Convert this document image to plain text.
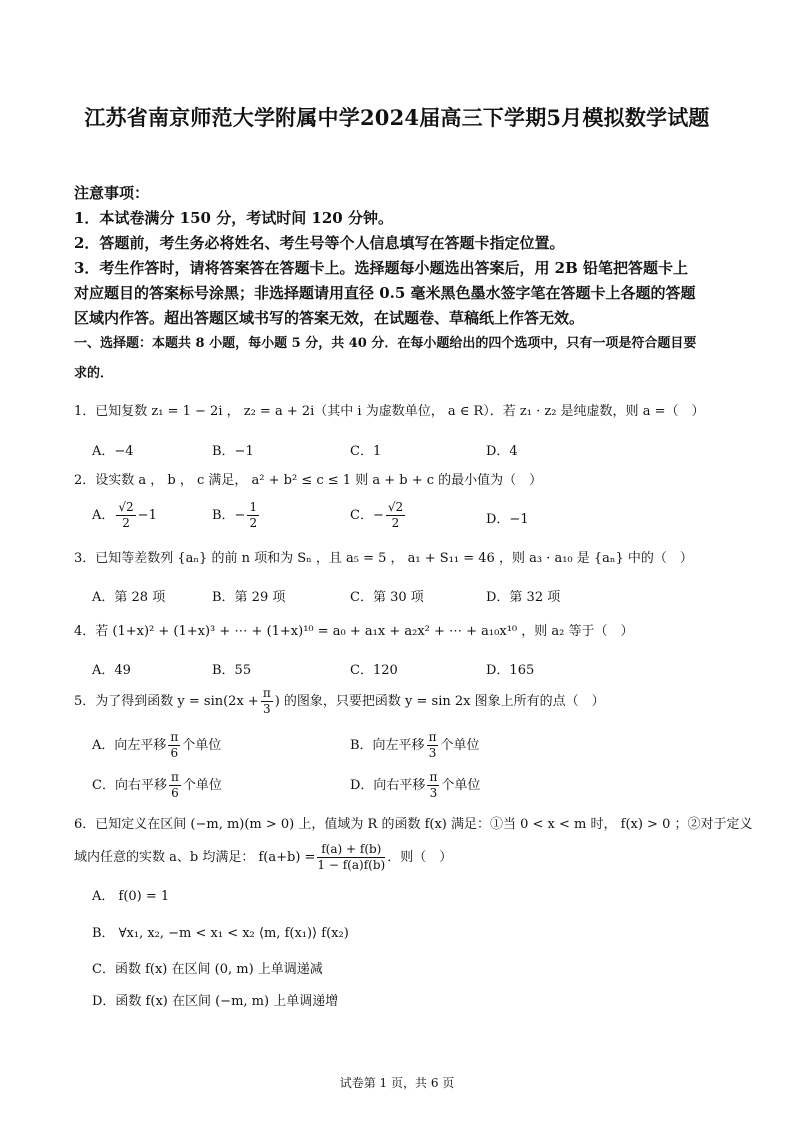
江苏省南京师范大学附属中学2024届高三下学期5月模拟数学试题
注意事项：
1．本试卷满分 150 分，考试时间 120 分钟。
2．答题前，考生务必将姓名、考生号等个人信息填写在答题卡指定位置。
3．考生作答时，请将答案答在答题卡上。选择题每小题选出答案后，用 2B 铅笔把答题卡上
对应题目的答案标号涂黑；非选择题请用直径 0.5 毫米黑色墨水签字笔在答题卡上各题的答题
区域内作答。超出答题区域书写的答案无效，在试题卷、草稿纸上作答无效。
一、选择题：本题共 8 小题，每小题 5 分，共 40 分．在每小题给出的四个选项中，只有一项是符合题目要
求的．
1．已知复数 z₁ = 1 − 2i ， z₂ = a + 2i（其中 i 为虚数单位， a ∈ R）．若 z₁ · z₂ 是纯虚数，则 a =（　）
A．−4	B．−1	C．1	D．4
2．设实数 a ， b ， c 满足， a² + b² ≤ c ≤ 1 则 a + b + c 的最小值为（　）
A． $\frac{√2}{2} -1$	B．− $\frac{1}{2}$	C．− $\frac{√2}{2}$	D．−1
3．已知等差数列 {aₙ} 的前 n 项和为 Sₙ ，且 a₅ = 5 ， a₁ + S₁₁ = 46 ，则 a₃ · a₁₀ 是 {aₙ} 中的（　）
A．第 28 项	B．第 29 项	C．第 30 项	D．第 32 项
4．若 (1+x)² + (1+x)³ + ⋯ + (1+x)¹⁰ = a₀ + a₁x + a₂x² + ⋯ + a₁₀x¹⁰ ，则 a₂ 等于（　）
A．49	B．55	C．120	D．165
5．为了得到函数 $y = \sin(2x + \frac{\pi}{3}$ ) 的图象，只要把函数 y = sin 2x 图象上所有的点（　）
A．向左平移 $\frac{\pi}{6}$ 个单位	B．向左平移 $\frac{\pi}{3}$ 个单位
C．向右平移 $\frac{\pi}{6}$ 个单位	D．向右平移 $\frac{\pi}{3}$ 个单位
6．已知定义在区间 (−m, m)(m > 0) 上，值域为 R 的函数 f(x) 满足：①当 0 < x < m 时， f(x) > 0 ；②对于定义
域内任意的实数 a、b 均满足： $f(a+b) = \frac{f(a) + f(b)}{1 - f(a)f(b)}$ ．则（　）
A． f(0) = 1
B． ∀x₁, x₂, −m < x₁ < x₂ ⟨m, f(x₁)⟩ f(x₂)
C．函数 f(x) 在区间 (0, m) 上单调递减
D．函数 f(x) 在区间 (−m, m) 上单调递增
试卷第 1 页，共 6 页
